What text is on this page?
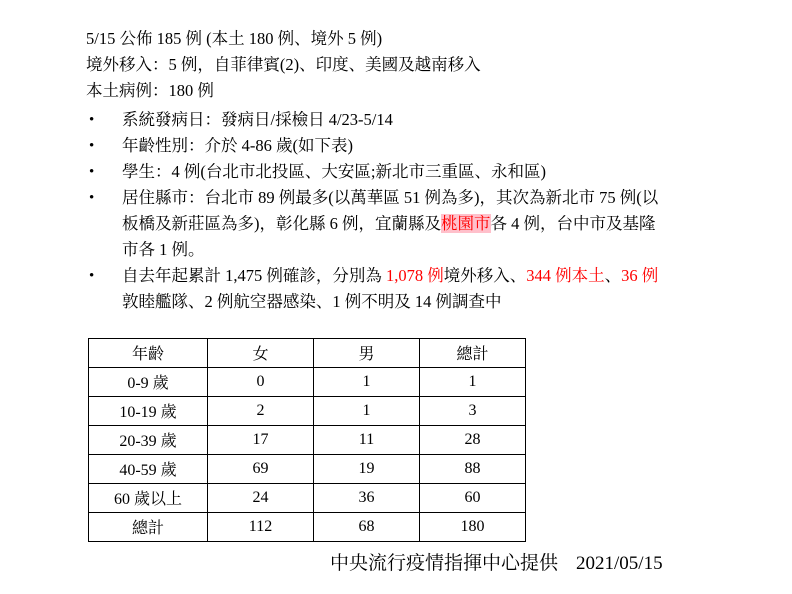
5/15 公佈 185 例 (本土 180 例、境外 5 例)
境外移入：5 例，自菲律賓(2)、印度、美國及越南移入
本土病例：180 例
• 系統發病日：發病日/採檢日 4/23-5/14
• 年齡性別：介於 4-86 歲(如下表)
• 學生：4 例(台北市北投區、大安區;新北市三重區、永和區)
• 居住縣市：台北市 89 例最多(以萬華區 51 例為多)，其次為新北市 75 例(以
板橋及新莊區為多)，彰化縣 6 例，宜蘭縣及桃園市各 4 例，台中市及基隆
市各 1 例。
• 自去年起累計 1,475 例確診，分別為 1,078 例境外移入、344 例本土、36 例
敦睦艦隊、2 例航空器感染、1 例不明及 14 例調查中
年齡	女	男	總計
0-9 歲	0	1	1
10-19 歲	2	1	3
20-39 歲	17	11	28
40-59 歲	69	19	88
60 歲以上	24	36	60
總計	112	68	180
中央流行疫情指揮中心提供 2021/05/15
